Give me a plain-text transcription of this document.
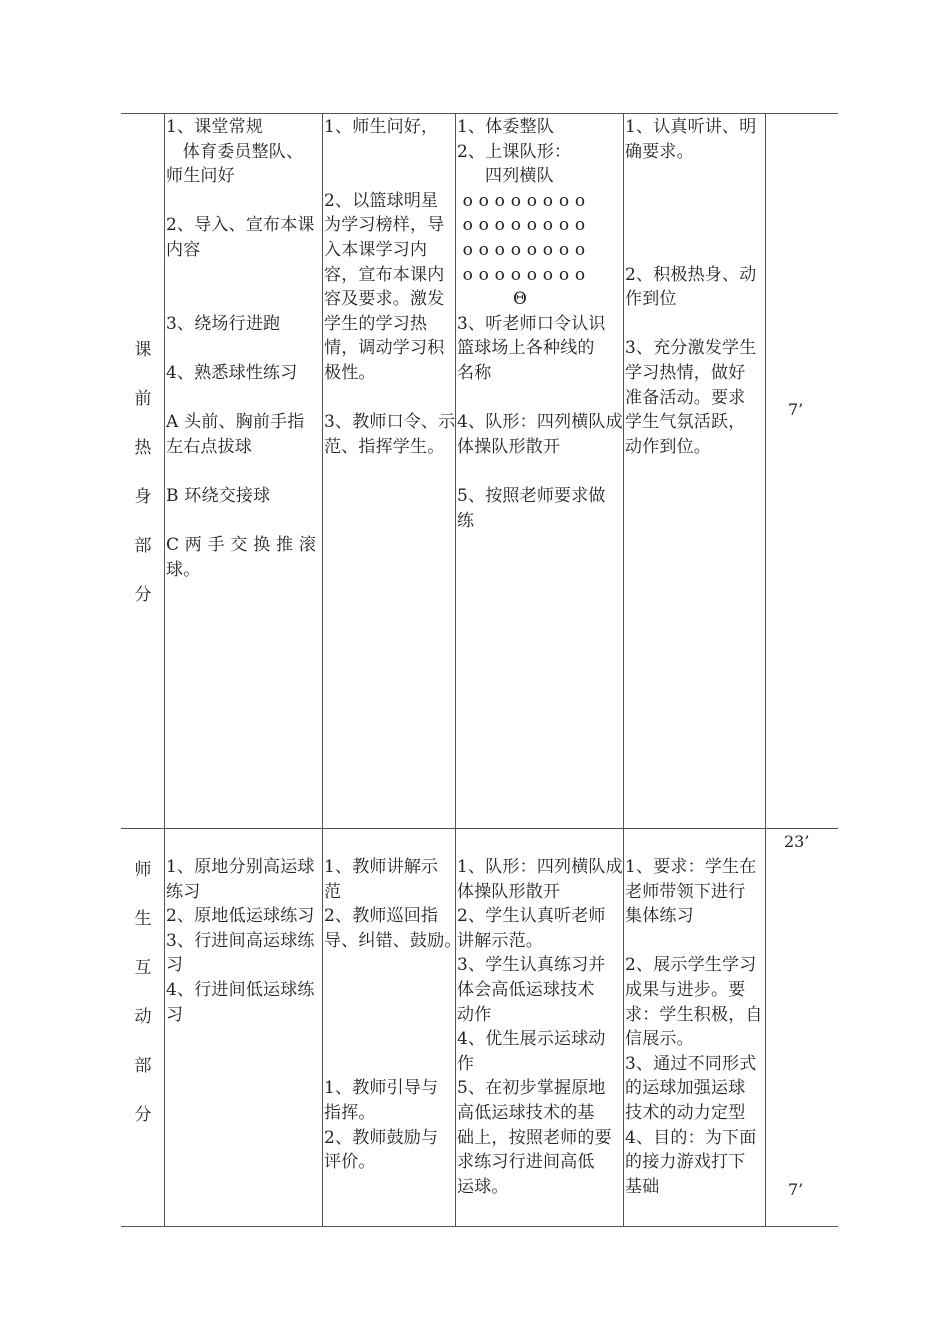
课
前
热
身
部
分
1、课堂常规
体育委员整队、
师生问好

2、导入、宣布本课
内容

3、绕场行进跑

4、熟悉球性练习

A 头前、胸前手指
左右点拔球

B 环绕交接球

C 两 手 交 换 推 滚
球。
1、师生问好，

2、以篮球明星
为学习榜样，导
入本课学习内
容，宣布本课内
容及要求。激发
学生的学习热
情，调动学习积
极性。

3、教师口令、示
范、指挥学生。
1、体委整队
2、上课队形：
四列横队
o o o o o o o o
o o o o o o o o
o o o o o o o o
o o o o o o o o
Θ
3、听老师口令认识
篮球场上各种线的
名称

4、队形：四列横队成
体操队形散开

5、按照老师要求做
练
1、认真听讲、明
确要求。

2、积极热身、动
作到位

3、充分激发学生
学习热情，做好
准备活动。要求
学生气氛活跃，
动作到位。
7’
23’
师
生
互
动
部
分
1、原地分别高运球
练习
2、原地低运球练习
3、行进间高运球练
习
4、行进间低运球练
习
1、教师讲解示
范
2、教师巡回指
导、纠错、鼓励。

1、教师引导与
指挥。
2、教师鼓励与
评价。
1、队形：四列横队成
体操队形散开
2、学生认真听老师
讲解示范。
3、学生认真练习并
体会高低运球技术
动作
4、优生展示运球动
作
5、在初步掌握原地
高低运球技术的基
础上，按照老师的要
求练习行进间高低
运球。
1、要求：学生在
老师带领下进行
集体练习

2、展示学生学习
成果与进步。要
求：学生积极，自
信展示。
3、通过不同形式
的运球加强运球
技术的动力定型
4、目的：为下面
的接力游戏打下
基础	7’
